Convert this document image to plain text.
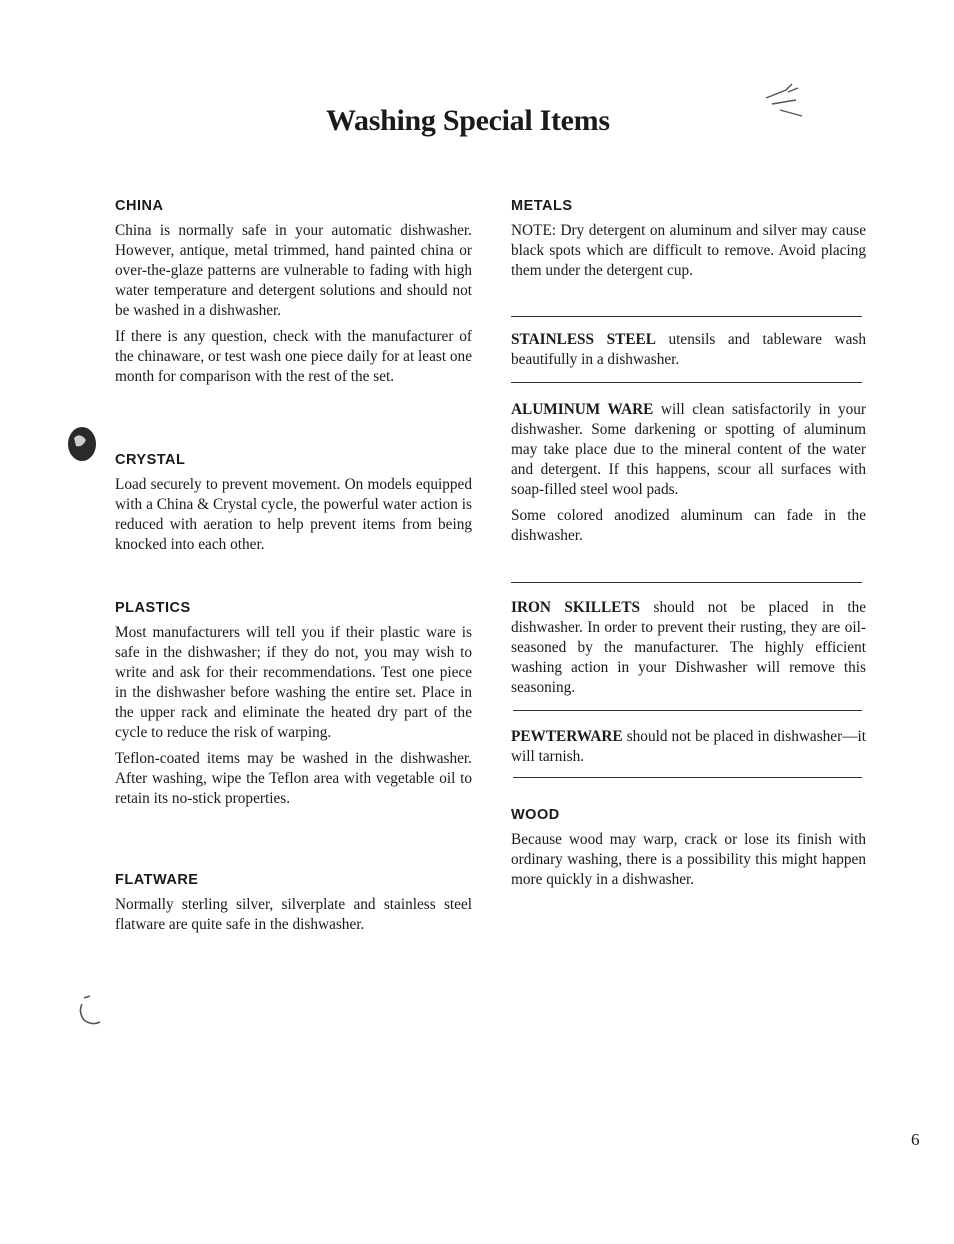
Washing Special Items
CHINA

China is normally safe in your automatic dishwasher. However, antique, metal trimmed, hand painted china or over-the-glaze patterns are vulnerable to fading with high water temperature and detergent solutions and should not be washed in a dishwasher.

If there is any question, check with the manufacturer of the chinaware, or test wash one piece daily for at least one month for comparison with the rest of the set.

CRYSTAL

Load securely to prevent movement. On models equipped with a China & Crystal cycle, the powerful water action is reduced with aeration to help prevent items from being knocked into each other.

PLASTICS

Most manufacturers will tell you if their plastic ware is safe in the dishwasher; if they do not, you may wish to write and ask for their recommendations. Test one piece in the dishwasher before washing the entire set. Place in the upper rack and eliminate the heated dry part of the cycle to reduce the risk of warping.

Teflon-coated items may be washed in the dishwasher. After washing, wipe the Teflon area with vegetable oil to retain its no-stick properties.

FLATWARE

Normally sterling silver, silverplate and stainless steel flatware are quite safe in the dishwasher.

METALS

NOTE: Dry detergent on aluminum and silver may cause black spots which are difficult to remove. Avoid placing them under the detergent cup.

STAINLESS STEEL utensils and tableware wash beautifully in a dishwasher.

ALUMINUM WARE will clean satisfactorily in your dishwasher. Some darkening or spotting of aluminum may take place due to the mineral content of the water and detergent. If this happens, scour all surfaces with soap-filled steel wool pads.

Some colored anodized aluminum can fade in the dishwasher.

IRON SKILLETS should not be placed in the dishwasher. In order to prevent their rusting, they are oil-seasoned by the manufacturer. The highly efficient washing action in your Dishwasher will remove this seasoning.

PEWTERWARE should not be placed in dishwasher—it will tarnish.

WOOD

Because wood may warp, crack or lose its finish with ordinary washing, there is a possibility this might happen more quickly in a dishwasher.

6
